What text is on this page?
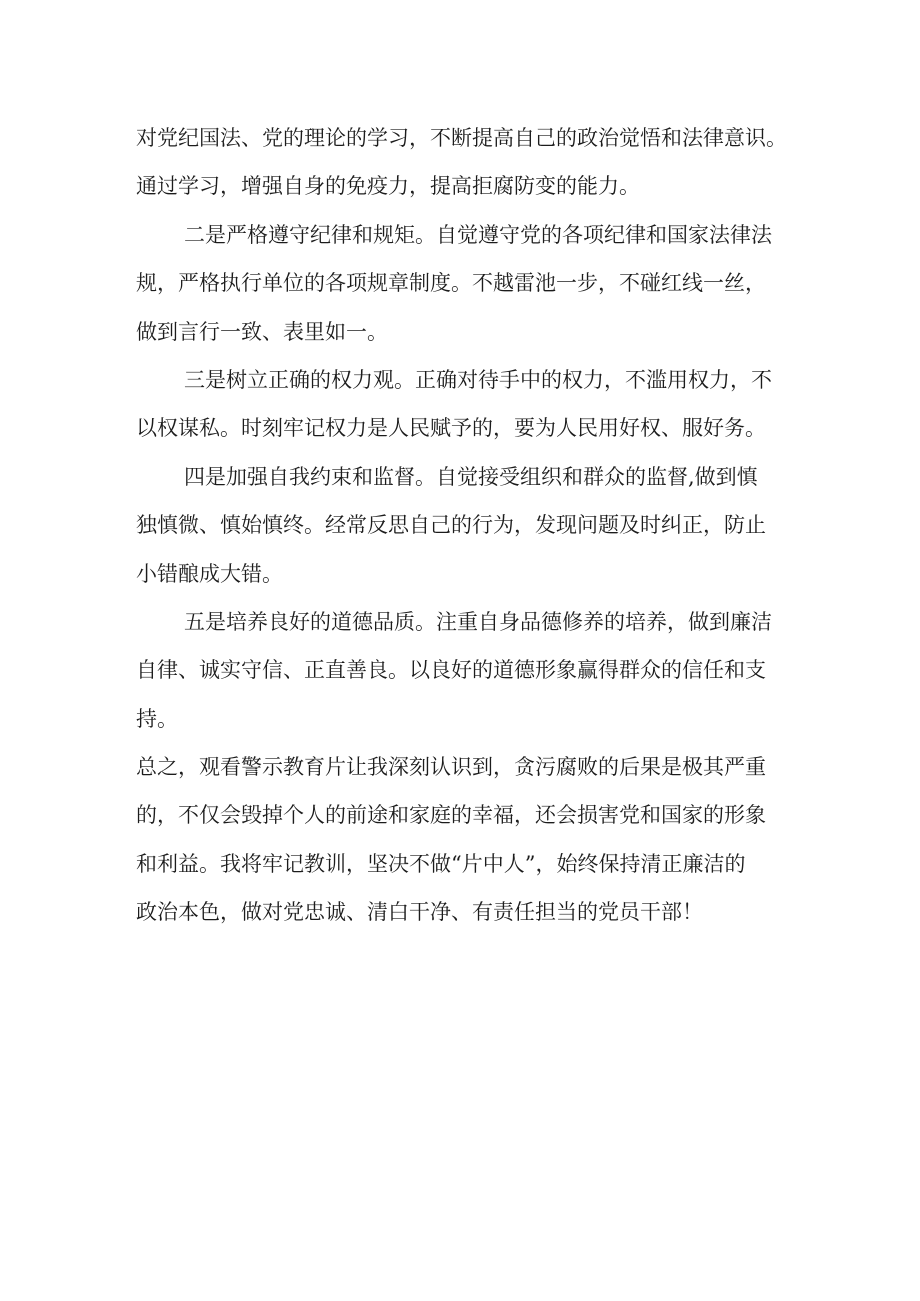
对党纪国法、党的理论的学习，不断提高自己的政治觉悟和法律意识。
通过学习，增强自身的免疫力，提高拒腐防变的能力。
二是严格遵守纪律和规矩。自觉遵守党的各项纪律和国家法律法
规，严格执行单位的各项规章制度。不越雷池一步，不碰红线一丝，
做到言行一致、表里如一。
三是树立正确的权力观。正确对待手中的权力，不滥用权力，不
以权谋私。时刻牢记权力是人民赋予的，要为人民用好权、服好务。
四是加强自我约束和监督。自觉接受组织和群众的监督,做到慎
独慎微、慎始慎终。经常反思自己的行为，发现问题及时纠正，防止
小错酿成大错。
五是培养良好的道德品质。注重自身品德修养的培养，做到廉洁
自律、诚实守信、正直善良。以良好的道德形象赢得群众的信任和支
持。
总之，观看警示教育片让我深刻认识到，贪污腐败的后果是极其严重
的，不仅会毁掉个人的前途和家庭的幸福，还会损害党和国家的形象
和利益。我将牢记教训，坚决不做“片中人”，始终保持清正廉洁的
政治本色，做对党忠诚、清白干净、有责任担当的党员干部！
